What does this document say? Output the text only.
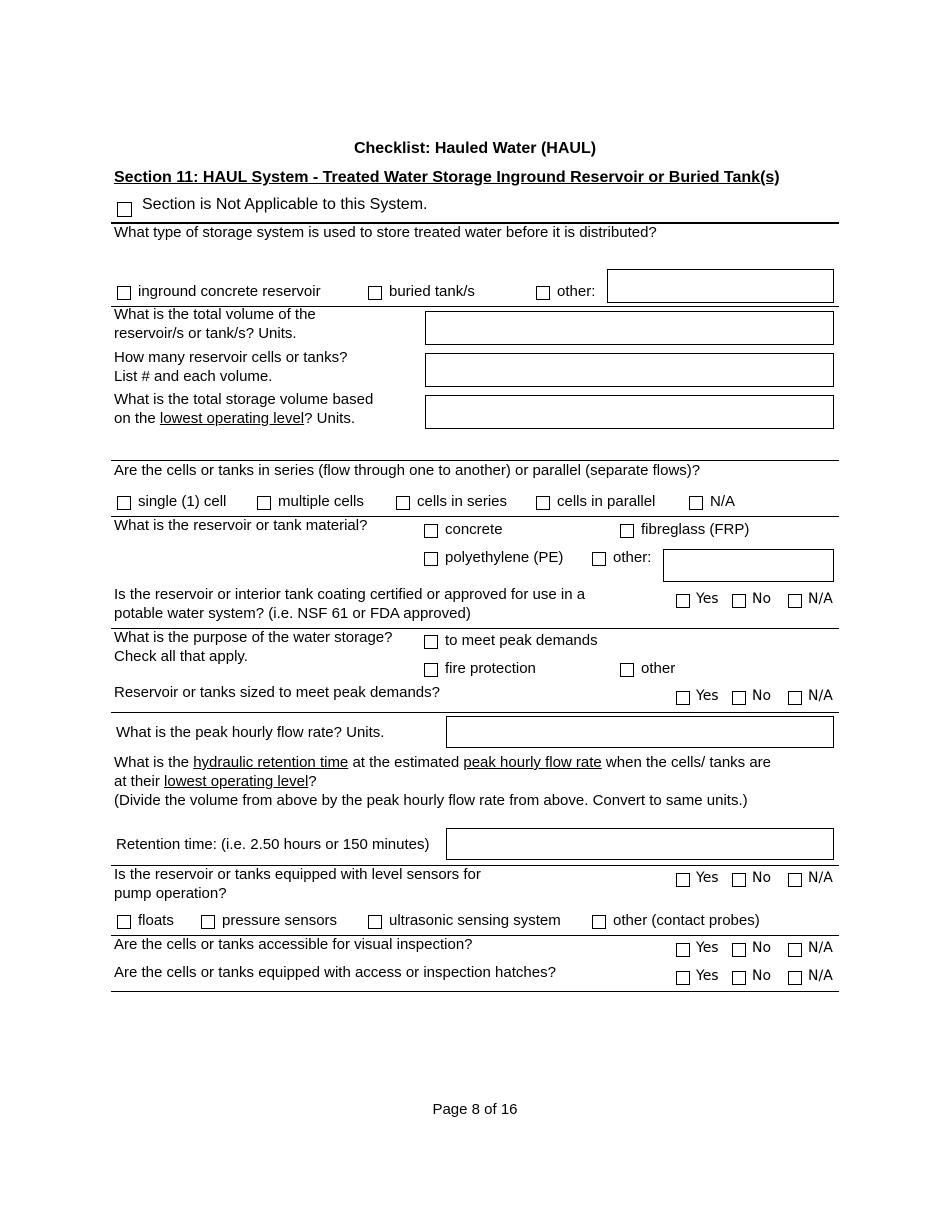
Checklist: Hauled Water (HAUL)
Section 11: HAUL System - Treated Water Storage Inground Reservoir or Buried Tank(s)
Section is Not Applicable to this System.
What type of storage system is used to store treated water before it is distributed?
inground concrete reservoir	buried tank/s	other:
What is the total volume of the
reservoir/s or tank/s? Units.
How many reservoir cells or tanks?
List # and each volume.
What is the total storage volume based
on the lowest operating level? Units.
Are the cells or tanks in series (flow through one to another) or parallel (separate flows)?
single (1) cell	multiple cells	cells in series	cells in parallel	N/A
What is the reservoir or tank material?	concrete	fibreglass (FRP)
polyethylene (PE)	other:
Is the reservoir or interior tank coating certified or approved for use in a
potable water system? (i.e. NSF 61 or FDA approved)
Yes No	N/A
What is the purpose of the water storage?
Check all that apply.
to meet peak demands
fire protection	other
Reservoir or tanks sized to meet peak demands?	Yes No	N/A
What is the peak hourly flow rate? Units.
What is the hydraulic retention time at the estimated peak hourly flow rate when the cells/ tanks are
at their lowest operating level?
(Divide the volume from above by the peak hourly flow rate from above. Convert to same units.)
Retention time: (i.e. 2.50 hours or 150 minutes)
Is the reservoir or tanks equipped with level sensors for
pump operation?
Yes No	N/A
floats	pressure sensors	ultrasonic sensing system	other (contact probes)
Are the cells or tanks accessible for visual inspection?	Yes No	N/A
Are the cells or tanks equipped with access or inspection hatches?	Yes No	N/A
Page 8 of 16
